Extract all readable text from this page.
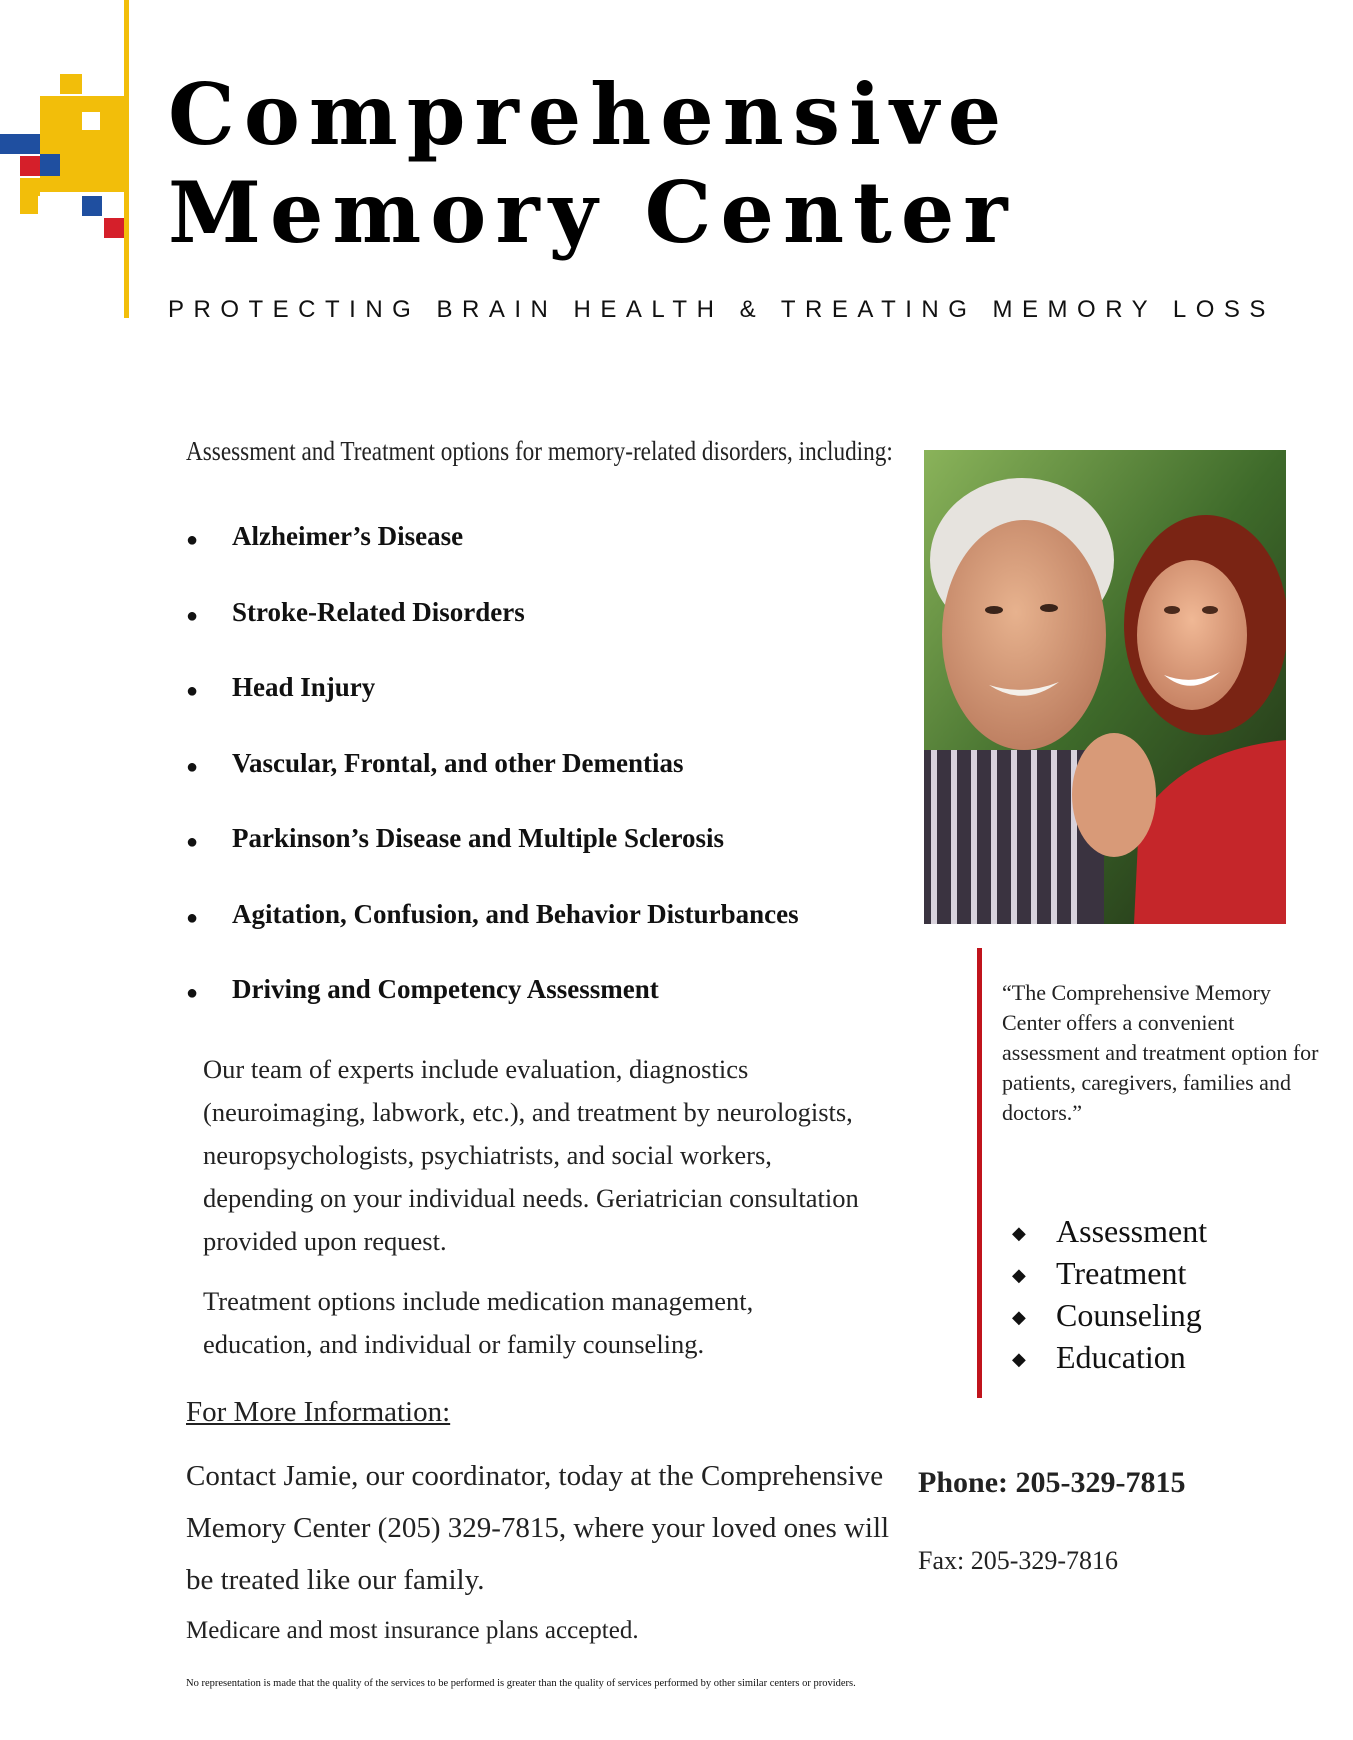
Comprehensive
Memory Center
PROTECTING BRAIN HEALTH & TREATING MEMORY LOSS
Assessment and Treatment options for memory-related disorders, including:
● Alzheimer’s Disease
● Stroke-Related Disorders
● Head Injury
● Vascular, Frontal, and other Dementias
● Parkinson’s Disease and Multiple Sclerosis
● Agitation, Confusion, and Behavior Disturbances
● Driving and Competency Assessment

Our team of experts include evaluation, diagnostics (neuroimaging, labwork, etc.), and treatment by neurologists, neuropsychologists, psychiatrists, and social workers, depending on your individual needs. Geriatrician consultation provided upon request.

Treatment options include medication management, education, and individual or family counseling.

For More Information:

Contact Jamie, our coordinator, today at the Comprehensive Memory Center (205) 329-7815, where your loved ones will be treated like our family.

Medicare and most insurance plans accepted.

No representation is made that the quality of the services to be performed is greater than the quality of services performed by other similar centers or providers.

“The Comprehensive Memory Center offers a convenient assessment and treatment option for patients, caregivers, families and doctors.”

◆ Assessment
◆ Treatment
◆ Counseling
◆ Education
Phone: 205-329-7815
Fax: 205-329-7816
